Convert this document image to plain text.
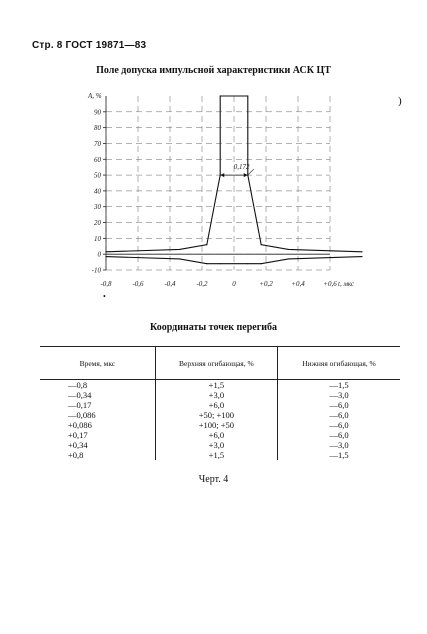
Стр. 8 ГОСТ 19871—83
Поле допуска импульсной характеристики АСК ЦТ
)
90
80
70
60
50
40
30
20
10
0
-10
-0,8	-0,6	-0,4	-0,2	0	+0,2	+0,4	+0,6
A, %
t, мкс
0,172
•
Координаты точек перегиба
Время, мкс	Верхняя огибающая, %	Нижняя огибающая, %
—0,8	+1,5	—1,5
—0,34	+3,0	—3,0
—0,17	+6,0	—6,0
—0,086	+50; +100	—6,0
+0,086	+100; +50	—6,0
+0,17	+6,0	—6,0
+0,34	+3,0	—3,0
+0,8	+1,5	—1,5
Черт. 4
